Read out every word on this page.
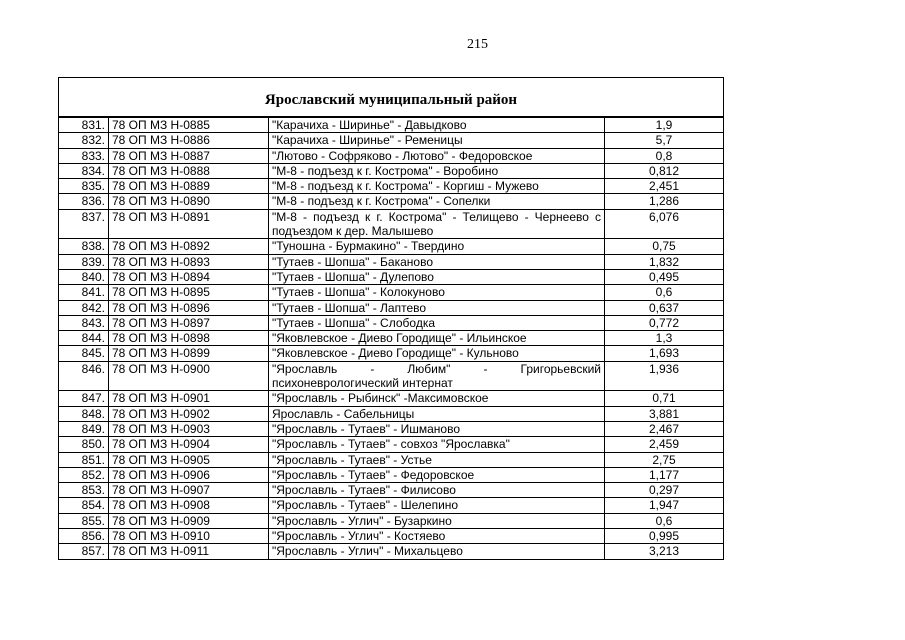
215
Ярославский муниципальный район
831.	78 ОП МЗ Н-0885	"Карачиха - Ширинье" - Давыдково	1,9
832.	78 ОП МЗ Н-0886	"Карачиха - Ширинье" - Ременицы	5,7
833.	78 ОП МЗ Н-0887	"Лютово - Софряково - Лютово" - Федоровское	0,8
834.	78 ОП МЗ Н-0888	"М-8 - подъезд к г. Кострома" - Воробино	0,812
835.	78 ОП МЗ Н-0889	"М-8 - подъезд к г. Кострома" - Коргиш - Мужево	2,451
836.	78 ОП МЗ Н-0890	"М-8 - подъезд к г. Кострома" - Сопелки	1,286
837.	78 ОП МЗ Н-0891	"М-8 - подъезд к г. Кострома" - Телищево - Чернеево с подъездом к дер. Малышево	6,076
838.	78 ОП МЗ Н-0892	"Туношна - Бурмакино" - Твердино	0,75
839.	78 ОП МЗ Н-0893	"Тутаев - Шопша" - Баканово	1,832
840.	78 ОП МЗ Н-0894	"Тутаев - Шопша" - Дулепово	0,495
841.	78 ОП МЗ Н-0895	"Тутаев - Шопша" - Колокуново	0,6
842.	78 ОП МЗ Н-0896	"Тутаев - Шопша" - Лаптево	0,637
843.	78 ОП МЗ Н-0897	"Тутаев - Шопша" - Слободка	0,772
844.	78 ОП МЗ Н-0898	"Яковлевское - Диево Городище" - Ильинское	1,3
845.	78 ОП МЗ Н-0899	"Яковлевское - Диево Городище" - Кульново	1,693
846.	78 ОП МЗ Н-0900	"Ярославль - Любим" - Григорьевский психоневрологический интернат	1,936
847.	78 ОП МЗ Н-0901	"Ярославль - Рыбинск" -Максимовское	0,71
848.	78 ОП МЗ Н-0902	Ярославль - Сабельницы	3,881
849.	78 ОП МЗ Н-0903	"Ярославль - Тутаев" - Ишманово	2,467
850.	78 ОП МЗ Н-0904	"Ярославль - Тутаев" - совхоз "Ярославка"	2,459
851.	78 ОП МЗ Н-0905	"Ярославль - Тутаев" - Устье	2,75
852.	78 ОП МЗ Н-0906	"Ярославль - Тутаев" - Федоровское	1,177
853.	78 ОП МЗ Н-0907	"Ярославль - Тутаев" - Филисово	0,297
854.	78 ОП МЗ Н-0908	"Ярославль - Тутаев" - Шелепино	1,947
855.	78 ОП МЗ Н-0909	"Ярославль - Углич" - Бузаркино	0,6
856.	78 ОП МЗ Н-0910	"Ярославль - Углич" - Костяево	0,995
857.	78 ОП МЗ Н-0911	"Ярославль - Углич" - Михальцево	3,213
